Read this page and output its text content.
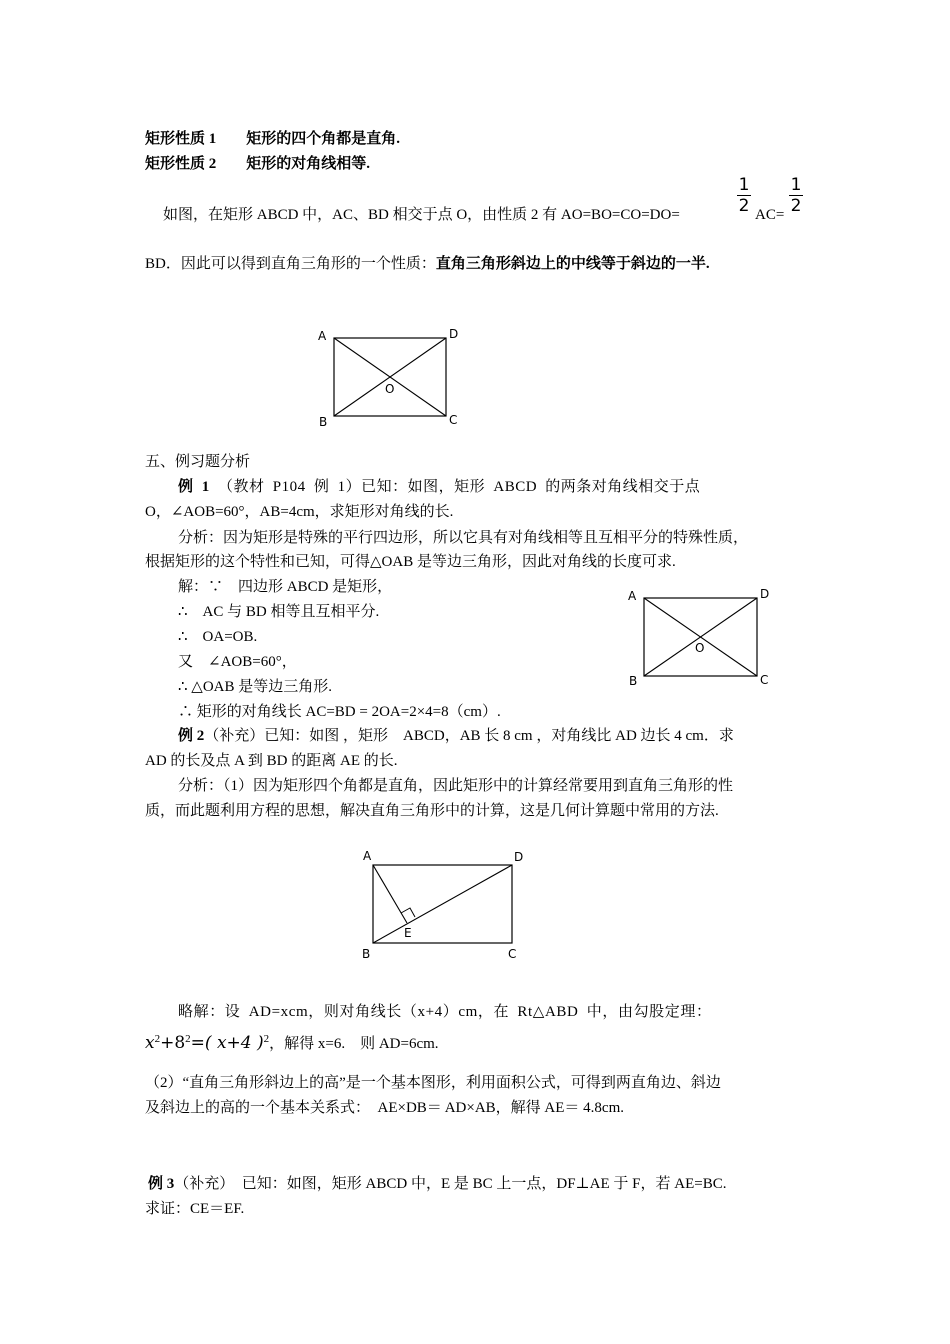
矩形性质 1 矩形的四个角都是直角.
矩形性质 2 矩形的对角线相等.
如图，在矩形 ABCD 中，AC、BD 相交于点 O，由性质 2 有 AO=BO=CO=DO=	$\frac{1}{2} AC= \frac{1}{2}$
BD．因此可以得到直角三角形的一个性质：直角三角形斜边上的中线等于斜边的一半.
A	D
B	C
O
五、例习题分析
例 1 （教材 P104 例 1）已知：如图，矩形 ABCD 的两条对角线相交于点
O，∠AOB=60°，AB=4cm，求矩形对角线的长.
分析：因为矩形是特殊的平行四边形，所以它具有对角线相等且互相平分的特殊性质，
根据矩形的这个特性和已知，可得△OAB 是等边三角形，因此对角线的长度可求.
解：∵　四边形 ABCD 是矩形，
∴　AC 与 BD 相等且互相平分.
∴　OA=OB.
又　∠AOB=60°，
∴ △OAB 是等边三角形.
∴ 矩形的对角线长 AC=BD = 2OA=2×4=8（cm）.
A	D
B	C
O
例 2（补充）已知：如图 ，矩形　ABCD，AB 长 8 cm ，对角线比 AD 边长 4 cm．求
AD 的长及点 A 到 BD 的距离 AE 的长.
分析：（1）因为矩形四个角都是直角，因此矩形中的计算经常要用到直角三角形的性
质，而此题利用方程的思想，解决直角三角形中的计算，这是几何计算题中常用的方法.
A	D
B	C
E
略解：设 AD=xcm，则对角线长（x+4）cm，在 Rt△ABD 中，由勾股定理：
$x^2+8^2=$( x+4 )$^2$，解得 x=6.　则 AD=6cm.
（2）“直角三角形斜边上的高”是一个基本图形，利用面积公式，可得到两直角边、斜边
及斜边上的高的一个基本关系式：　AE×DB＝ AD×AB，解得 AE＝ 4.8cm.
例 3（补充）　已知：如图，矩形 ABCD 中，E 是 BC 上一点，DF⊥AE 于 F，若 AE=BC.
求证：CE＝EF.
